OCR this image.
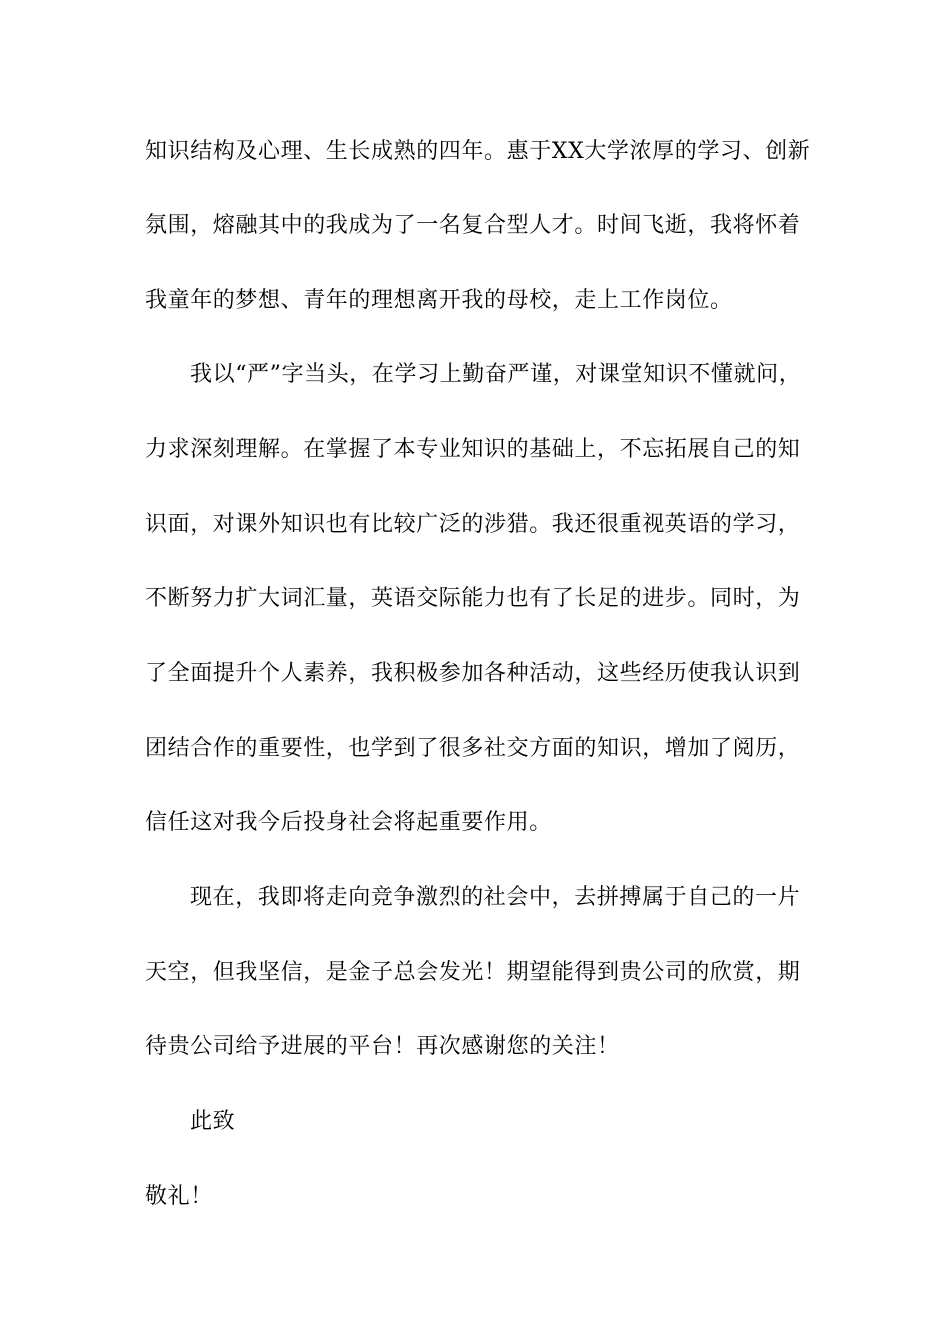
知识结构及心理、生长成熟的四年。惠于XX大学浓厚的学习、创新
氛围，熔融其中的我成为了一名复合型人才。时间飞逝，我将怀着
我童年的梦想、青年的理想离开我的母校，走上工作岗位。
我以“严”字当头，在学习上勤奋严谨，对课堂知识不懂就问，
力求深刻理解。在掌握了本专业知识的基础上，不忘拓展自己的知
识面，对课外知识也有比较广泛的涉猎。我还很重视英语的学习，
不断努力扩大词汇量，英语交际能力也有了长足的进步。同时，为
了全面提升个人素养，我积极参加各种活动，这些经历使我认识到
团结合作的重要性，也学到了很多社交方面的知识，增加了阅历，
信任这对我今后投身社会将起重要作用。
现在，我即将走向竞争激烈的社会中，去拼搏属于自己的一片
天空，但我坚信，是金子总会发光！期望能得到贵公司的欣赏，期
待贵公司给予进展的平台！再次感谢您的关注！
此致
敬礼！
